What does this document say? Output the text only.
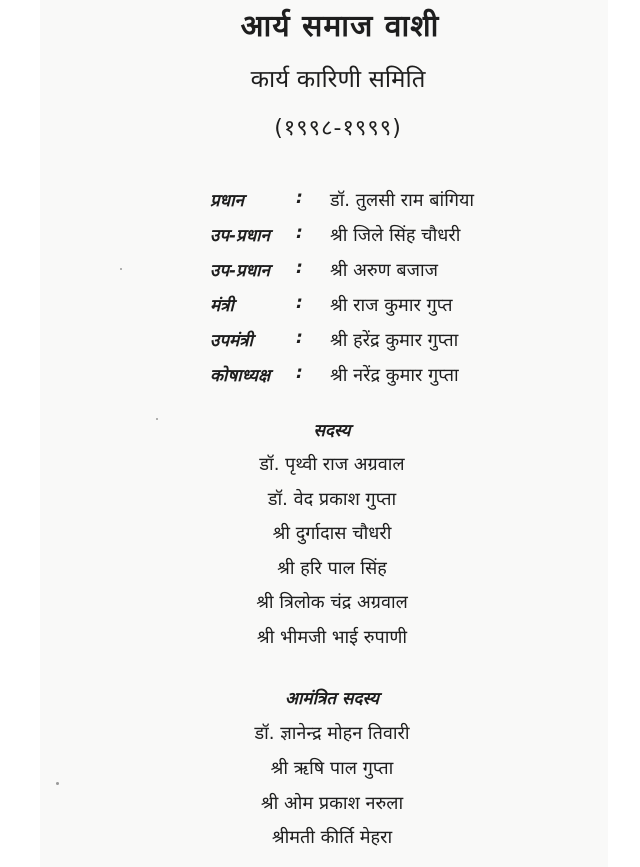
आर्य समाज वाशी
कार्य कारिणी समिति
(१९९८-१९९९)
प्रधान	: डॉ. तुलसी राम बांगिया
उप-प्रधान : श्री जिले सिंह चौधरी
उप-प्रधान : श्री अरुण बजाज
मंत्री	: श्री राज कुमार गुप्त
उपमंत्री	: श्री हरेंद्र कुमार गुप्ता
कोषाध्यक्ष : श्री नरेंद्र कुमार गुप्ता
सदस्य
डॉ. पृथ्वी राज अग्रवाल
डॉ. वेद प्रकाश गुप्ता
श्री दुर्गादास चौधरी
श्री हरि पाल सिंह
श्री त्रिलोक चंद्र अग्रवाल
श्री भीमजी भाई रुपाणी
आमंत्रित सदस्य
डॉ. ज्ञानेन्द्र मोहन तिवारी
श्री ऋषि पाल गुप्ता
श्री ओम प्रकाश नरुला
श्रीमती कीर्ति मेहरा
